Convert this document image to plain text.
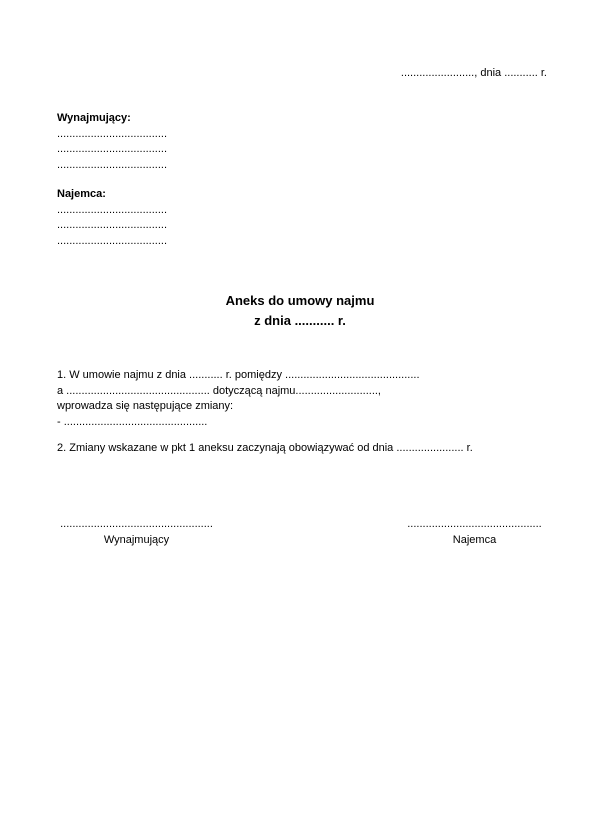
........................, dnia ........... r.
Wynajmujący:
....................................
....................................
....................................
Najemca:
....................................
....................................
....................................
Aneks do umowy najmu
z dnia ........... r.
1. W umowie najmu z dnia ........... r. pomiędzy ............................................
a ............................................... dotyczącą najmu...........................,
wprowadza się następujące zmiany:
- ...............................................
2. Zmiany wskazane w pkt 1 aneksu zaczynają obowiązywać od dnia ...................... r.
..................................................
Wynajmujący
............................................
Najemca
